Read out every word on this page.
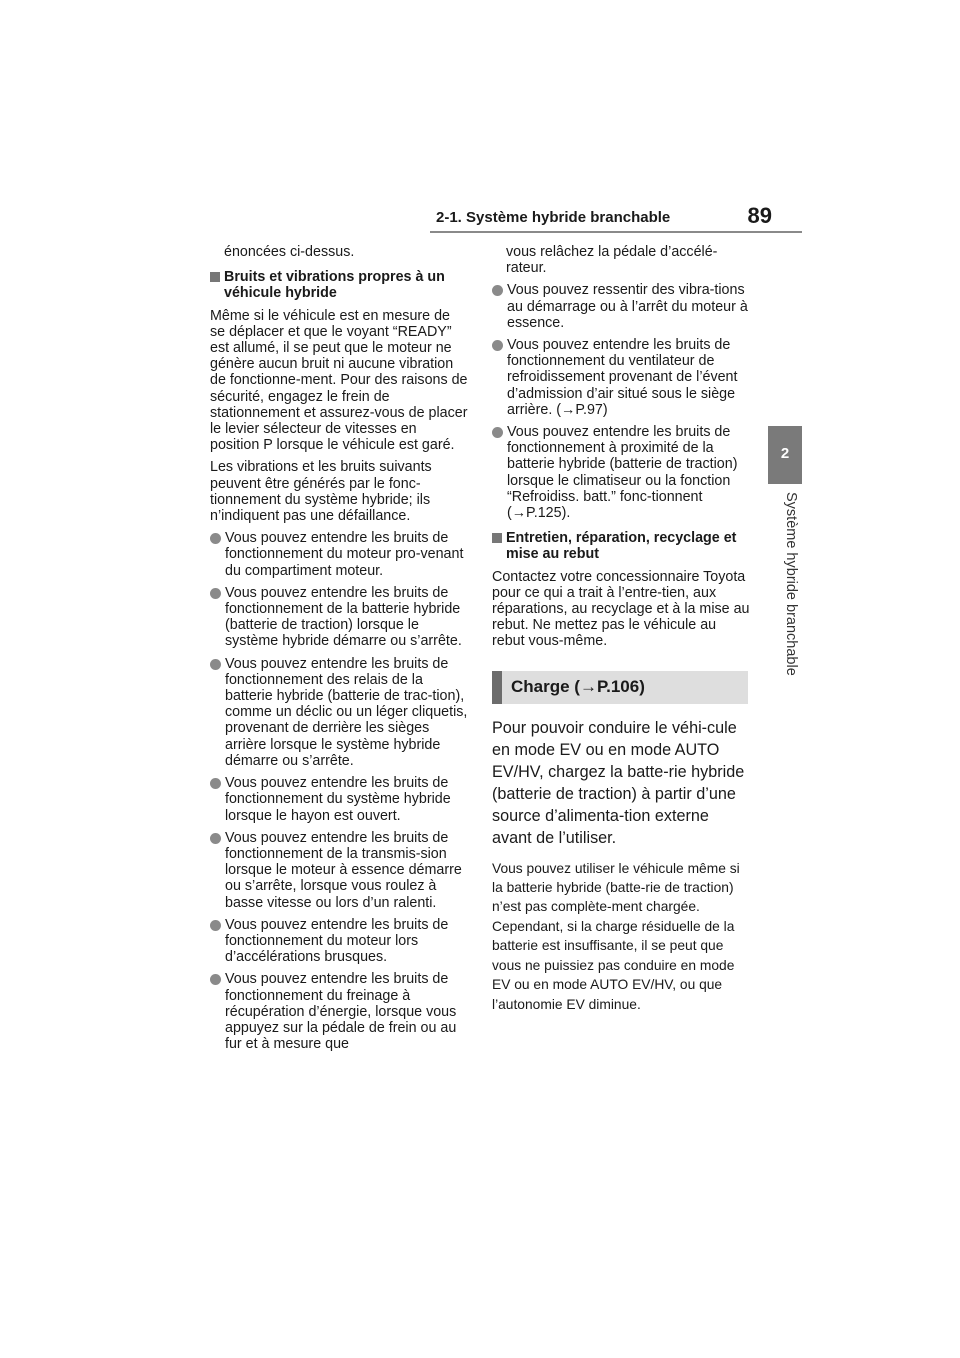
2-1. Système hybride branchable	89
2
Système hybride branchable

énoncées ci-dessus.

Bruits et vibrations propres à un véhicule hybride

Même si le véhicule est en mesure de se déplacer et que le voyant “READY” est allumé, il se peut que le moteur ne génère aucun bruit ni aucune vibration de fonctionne-ment. Pour des raisons de sécurité, engagez le frein de stationnement et assurez-vous de placer le levier sélecteur de vitesses en position P lorsque le véhicule est garé.

Les vibrations et les bruits suivants peuvent être générés par le fonc-tionnement du système hybride; ils n’indiquent pas une défaillance.

Vous pouvez entendre les bruits de fonctionnement du moteur pro-venant du compartiment moteur.
Vous pouvez entendre les bruits de fonctionnement de la batterie hybride (batterie de traction) lorsque le système hybride démarre ou s’arrête.
Vous pouvez entendre les bruits de fonctionnement des relais de la batterie hybride (batterie de trac-tion), comme un déclic ou un léger cliquetis, provenant de derrière les sièges arrière lorsque le système hybride démarre ou s’arrête.
Vous pouvez entendre les bruits de fonctionnement du système hybride lorsque le hayon est ouvert.
Vous pouvez entendre les bruits de fonctionnement de la transmis-sion lorsque le moteur à essence démarre ou s’arrête, lorsque vous roulez à basse vitesse ou lors d’un ralenti.
Vous pouvez entendre les bruits de fonctionnement du moteur lors d’accélérations brusques.
Vous pouvez entendre les bruits de fonctionnement du freinage à récupération d’énergie, lorsque vous appuyez sur la pédale de frein ou au fur et à mesure que

vous relâchez la pédale d’accélé-rateur.

Vous pouvez ressentir des vibra-tions au démarrage ou à l’arrêt du moteur à essence.
Vous pouvez entendre les bruits de fonctionnement du ventilateur de refroidissement provenant de l’évent d’admission d’air situé sous le siège arrière. (→P.97)
Vous pouvez entendre les bruits de fonctionnement à proximité de la batterie hybride (batterie de traction) lorsque le climatiseur ou la fonction “Refroidiss. batt.” fonc-tionnent (→P.125).
Entretien, réparation, recyclage et mise au rebut

Contactez votre concessionnaire Toyota pour ce qui a trait à l’entre-tien, aux réparations, au recyclage et à la mise au rebut. Ne mettez pas le véhicule au rebut vous-même.

Charge (→P.106)

Pour pouvoir conduire le véhi-cule en mode EV ou en mode AUTO EV/HV, chargez la batte-rie hybride (batterie de traction) à partir d’une source d’alimenta-tion externe avant de l’utiliser.

Vous pouvez utiliser le véhicule même si la batterie hybride (batte-rie de traction) n’est pas complète-ment chargée. Cependant, si la charge résiduelle de la batterie est insuffisante, il se peut que vous ne puissiez pas conduire en mode EV ou en mode AUTO EV/HV, ou que l’autonomie EV diminue.
